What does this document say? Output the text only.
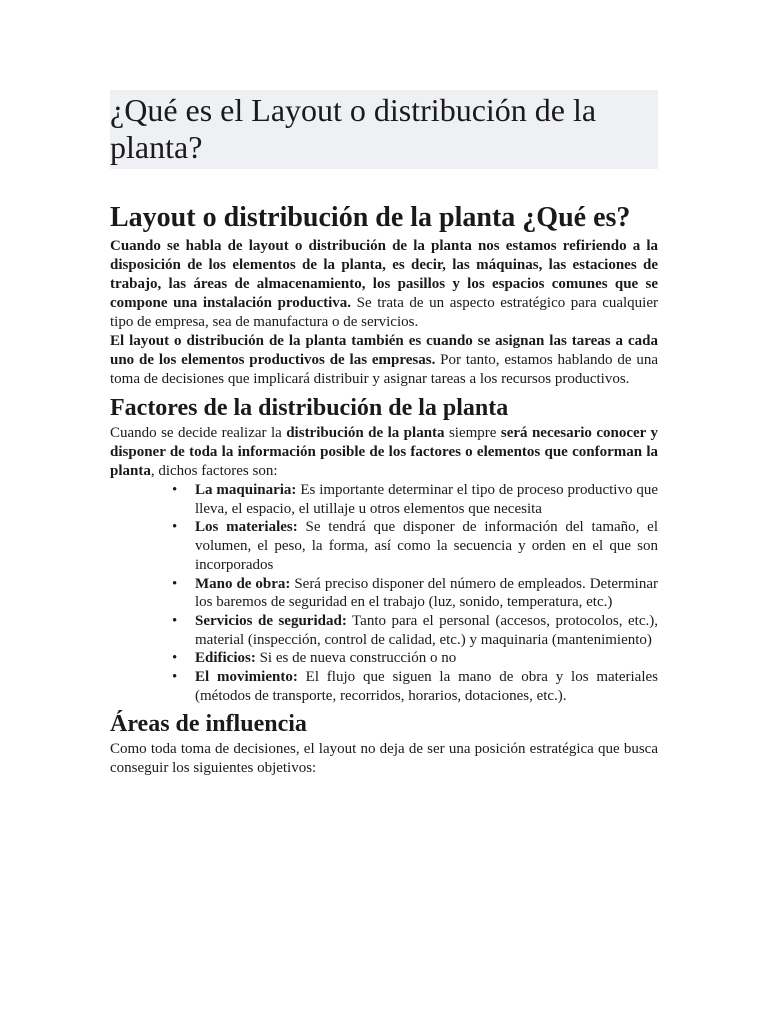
¿Qué es el Layout o distribución de la planta?
Layout o distribución de la planta ¿Qué es?

Cuando se habla de layout o distribución de la planta nos estamos refiriendo a la disposición de los elementos de la planta, es decir, las máquinas, las estaciones de trabajo, las áreas de almacenamiento, los pasillos y los espacios comunes que se compone una instalación productiva. Se trata de un aspecto estratégico para cualquier tipo de empresa, sea de manufactura o de servicios.

El layout o distribución de la planta también es cuando se asignan las tareas a cada uno de los elementos productivos de las empresas. Por tanto, estamos hablando de una toma de decisiones que implicará distribuir y asignar tareas a los recursos productivos.

Factores de la distribución de la planta

Cuando se decide realizar la distribución de la planta siempre será necesario conocer y disponer de toda la información posible de los factores o elementos que conforman la planta, dichos factores son:

• La maquinaria: Es importante determinar el tipo de proceso productivo que lleva, el espacio, el utillaje u otros elementos que necesita
• Los materiales: Se tendrá que disponer de información del tamaño, el volumen, el peso, la forma, así como la secuencia y orden en el que son incorporados
• Mano de obra: Será preciso disponer del número de empleados. Determinar los baremos de seguridad en el trabajo (luz, sonido, temperatura, etc.)
• Servicios de seguridad: Tanto para el personal (accesos, protocolos, etc.), material (inspección, control de calidad, etc.) y maquinaria (mantenimiento)
• Edificios: Si es de nueva construcción o no
• El movimiento: El flujo que siguen la mano de obra y los materiales (métodos de transporte, recorridos, horarios, dotaciones, etc.).
Áreas de influencia

Como toda toma de decisiones, el layout no deja de ser una posición estratégica que busca conseguir los siguientes objetivos:
